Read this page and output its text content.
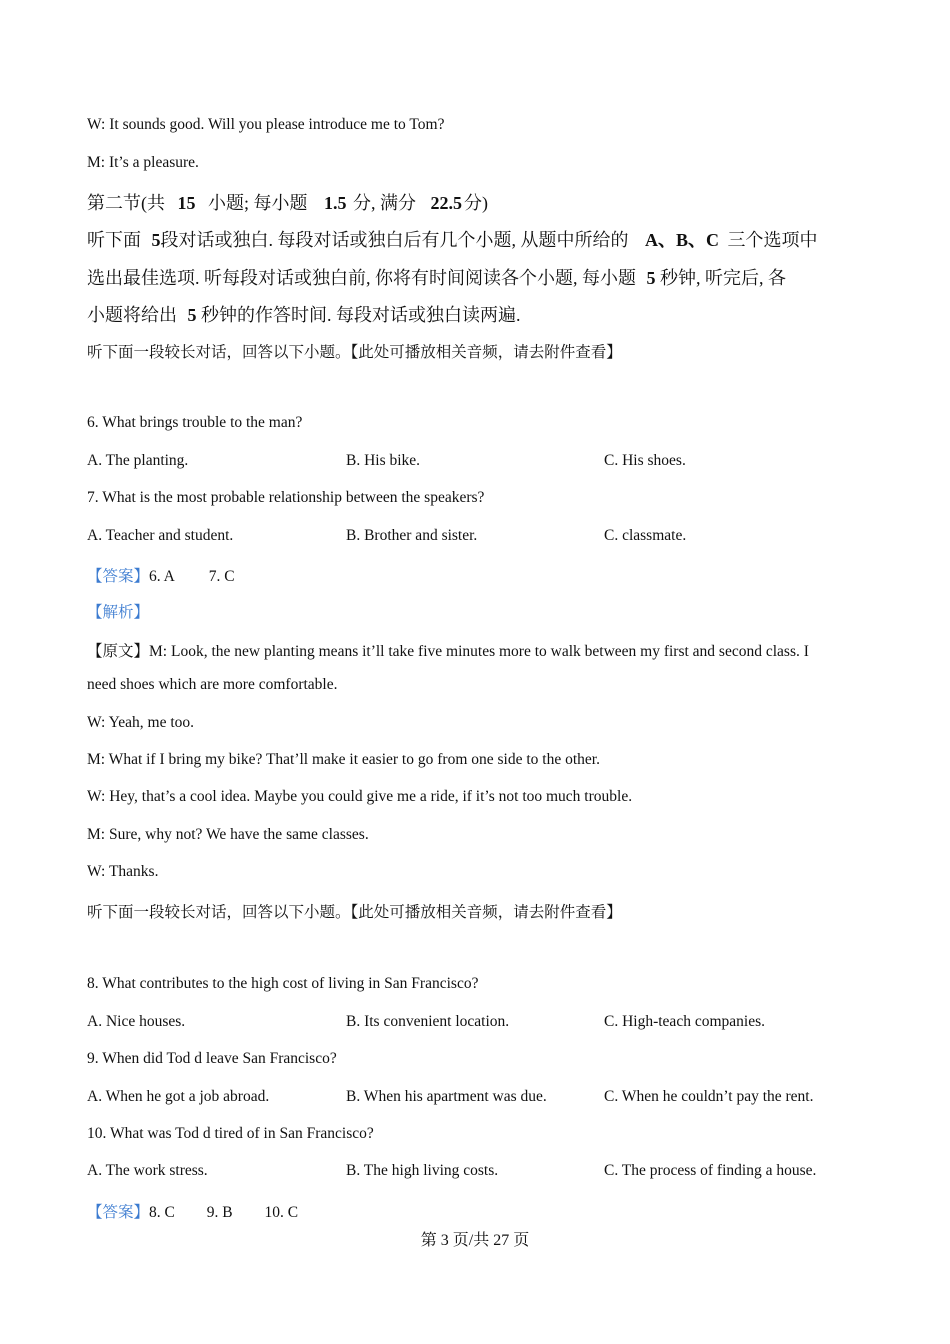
W: It sounds good. Will you please introduce me to Tom?
M: It’s a pleasure.
第二节(共 15 小题; 每小题 1.5 分, 满分 22.5 分)
听下面 5段对话或独白. 每段对话或独白后有几个小题, 从题中所给的 A、B、C 三个选项中
选出最佳选项. 听每段对话或独白前, 你将有时间阅读各个小题, 每小题 5 秒钟, 听完后, 各
小题将给出 5 秒钟的作答时间. 每段对话或独白读两遍.
听下面一段较长对话，回答以下小题。【此处可播放相关音频，请去附件查看】
6. What brings trouble to the man?
A. The planting.	B. His bike.	C. His shoes.
7. What is the most probable relationship between the speakers?
A. Teacher and student.	B. Brother and sister.	C. classmate.
【答案】6. A 7. C
【解析】
【原文】M: Look, the new planting means it’ll take five minutes more to walk between my first and second class. I
need shoes which are more comfortable.
W: Yeah, me too.
M: What if I bring my bike? That’ll make it easier to go from one side to the other.
W: Hey, that’s a cool idea. Maybe you could give me a ride, if it’s not too much trouble.
M: Sure, why not? We have the same classes.
W: Thanks.
听下面一段较长对话，回答以下小题。【此处可播放相关音频，请去附件查看】
8. What contributes to the high cost of living in San Francisco?
A. Nice houses.	B. Its convenient location.	C. High-teach companies.
9. When did Tod d leave San Francisco?
A. When he got a job abroad.	B. When his apartment was due.	C. When he couldn’t pay the rent.
10. What was Tod d tired of in San Francisco?
A. The work stress.	B. The high living costs.	C. The process of finding a house.
【答案】8. C 9. B 10. C
第 3 页/共 27 页
